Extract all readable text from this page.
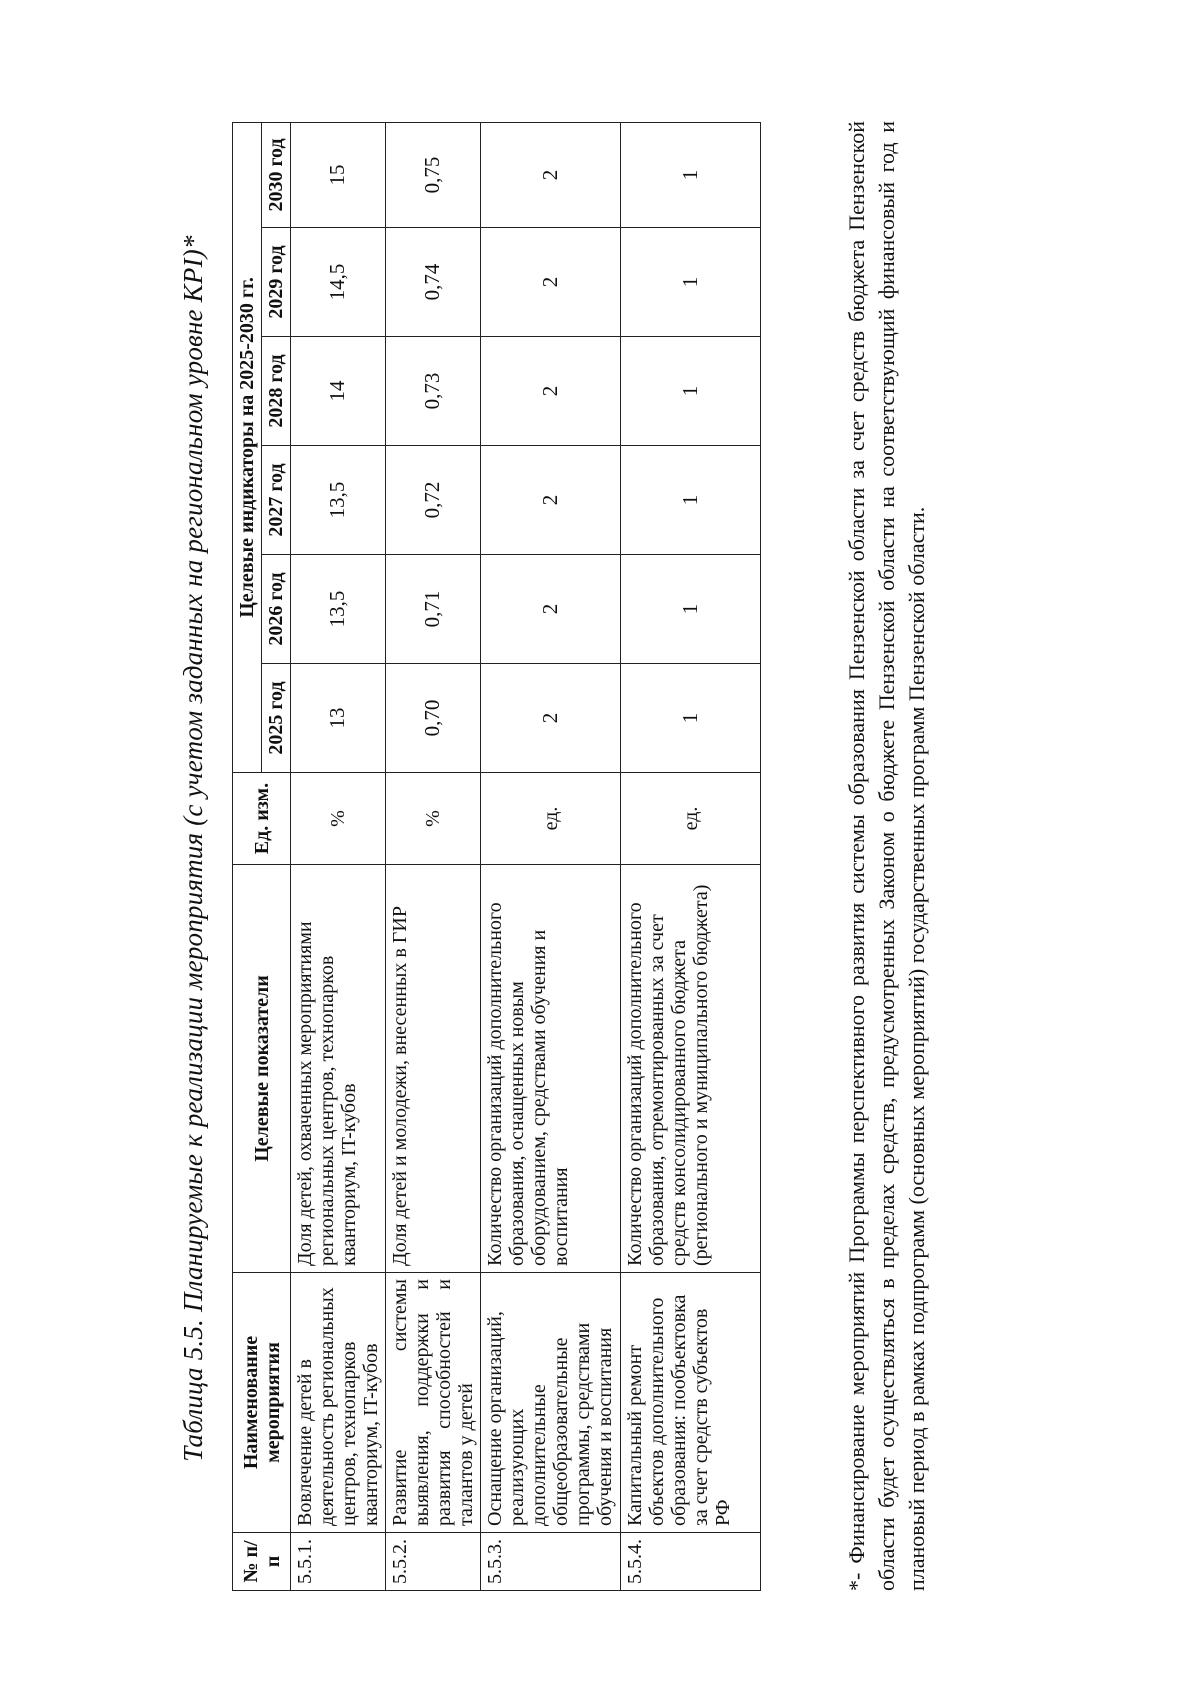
Таблица 5.5. Планируемые к реализации мероприятия (с учетом заданных на региональном уровне KPI)*
№ п/п	Наименование мероприятия	Целевые показатели	Ед. изм.	Целевые индикаторы на 2025-2030 гг.					
				2025 год	2026 год	2027 год	2028 год	2029 год	2030 год
5.5.1.	Вовлечение детей в деятельность региональных центров, технопарков кванториум, IT-кубов	Доля детей, охваченных мероприятиями региональных центров, технопарков кванториум, IT-кубов	%	13	13,5	13,5	14	14,5	15
5.5.2.	Развитие системы выявления, поддержки и развития способностей и талантов у детей	Доля детей и молодежи, внесенных в ГИР	%	0,70	0,71	0,72	0,73	0,74	0,75
5.5.3.	Оснащение организаций, реализующих дополнительные общеобразовательные программы, средствами обучения и воспитания	Количество организаций дополнительного образования, оснащенных новым оборудованием, средствами обучения и воспитания	ед.	2	2	2	2	2	2
5.5.4.	Капитальный ремонт объектов дополнительного образования: пообъектовка за счет средств субъектов РФ	Количество организаций дополнительного образования, отремонтированных за счет средств консолидированного бюджета (регионального и муниципального бюджета)	ед.	1	1	1	1	1	1	*- Финансирование мероприятий Программы перспективного развития системы образования Пензенской области за счет средств бюджета Пензенской области будет осуществляться в пределах средств, предусмотренных Законом о бюджете Пензенской области на соответствующий финансовый год и плановый период в рамках подпрограмм (основных мероприятий) государственных программ Пензенской области.
